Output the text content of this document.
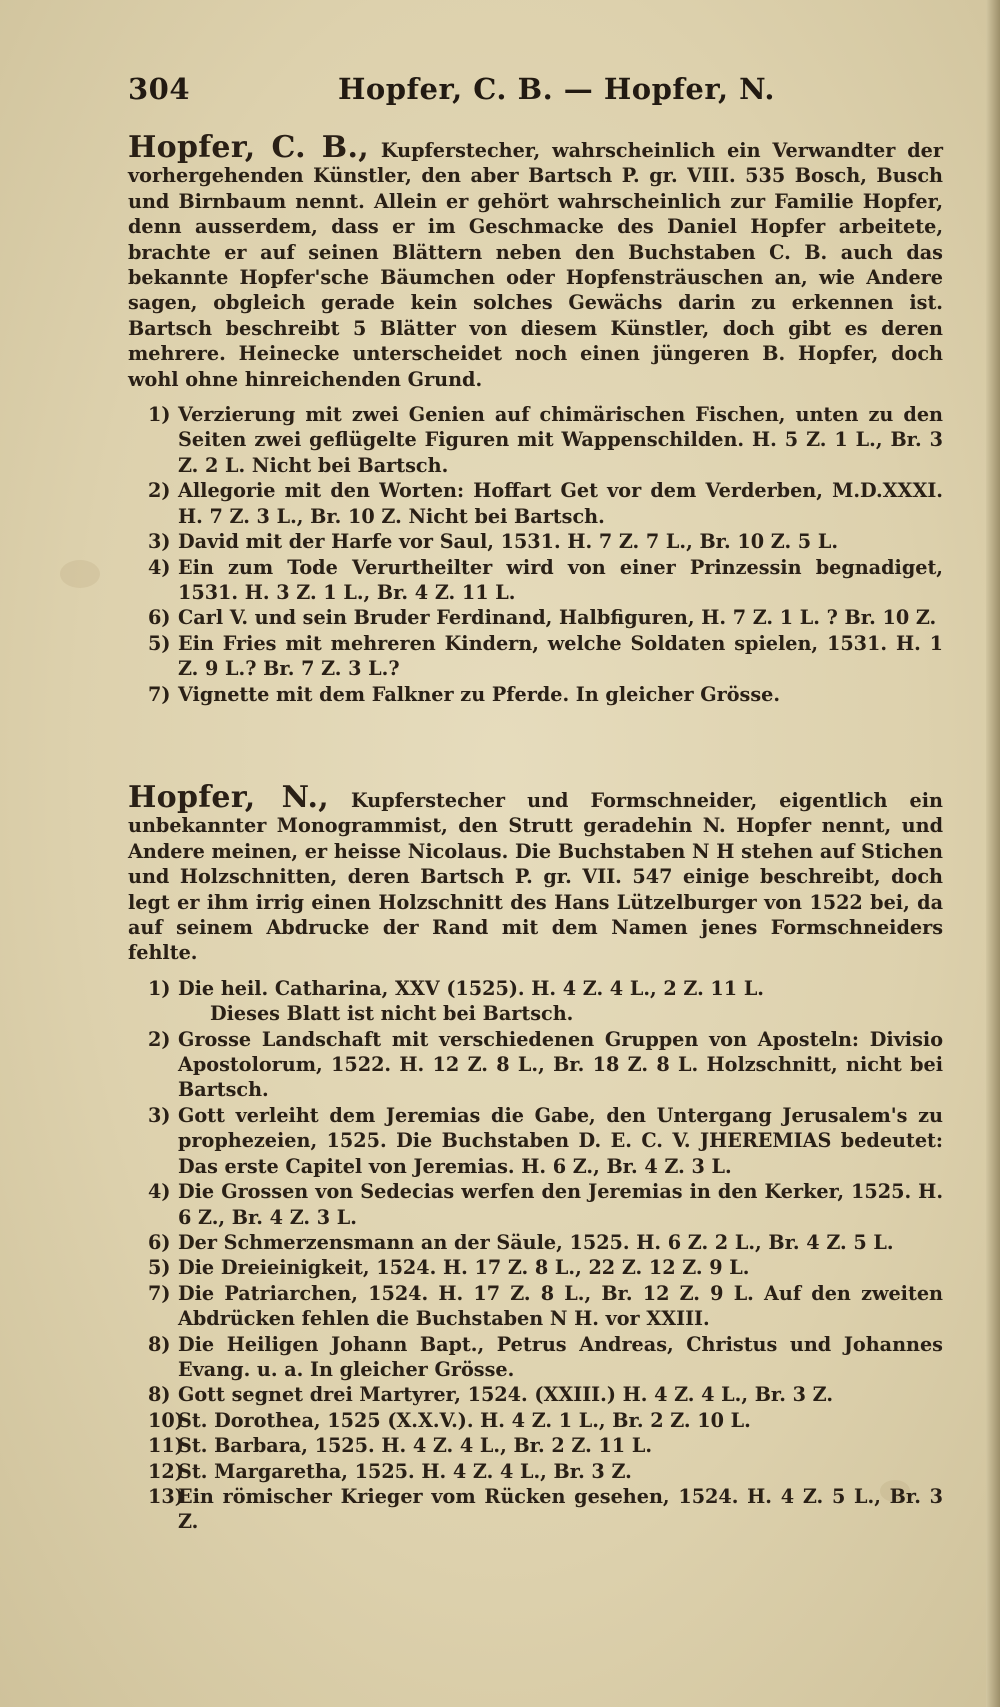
304	Hopfer, C. B. — Hopfer, N.

Hopfer, C. B., Kupferstecher, wahrscheinlich ein Verwandter der vorhergehenden Künstler, den aber Bartsch P. gr. VIII. 535 Bosch, Busch und Birnbaum nennt. Allein er gehört wahrscheinlich zur Familie Hopfer, denn ausserdem, dass er im Geschmacke des Daniel Hopfer arbeitete, brachte er auf seinen Blättern neben den Buchstaben C. B. auch das bekannte Hopfer'sche Bäumchen oder Hopfensträuschen an, wie Andere sagen, obgleich gerade kein solches Gewächs darin zu erkennen ist. Bartsch beschreibt 5 Blätter von diesem Künstler, doch gibt es deren mehrere. Heinecke unterscheidet noch einen jüngeren B. Hopfer, doch wohl ohne hinreichenden Grund.

1) Verzierung mit zwei Genien auf chimärischen Fischen, unten zu den Seiten zwei geflügelte Figuren mit Wappenschilden. H. 5 Z. 1 L., Br. 3 Z. 2 L. Nicht bei Bartsch.
2) Allegorie mit den Worten: Hoffart Get vor dem Verderben, M.D.XXXI. H. 7 Z. 3 L., Br. 10 Z. Nicht bei Bartsch.
3) David mit der Harfe vor Saul, 1531. H. 7 Z. 7 L., Br. 10 Z. 5 L.
4) Ein zum Tode Verurtheilter wird von einer Prinzessin begnadiget, 1531. H. 3 Z. 1 L., Br. 4 Z. 11 L.
6) Carl V. und sein Bruder Ferdinand, Halbfiguren, H. 7 Z. 1 L. ? Br. 10 Z.
5) Ein Fries mit mehreren Kindern, welche Soldaten spielen, 1531. H. 1 Z. 9 L.? Br. 7 Z. 3 L.?
7) Vignette mit dem Falkner zu Pferde. In gleicher Grösse.

Hopfer, N., Kupferstecher und Formschneider, eigentlich ein unbekannter Monogrammist, den Strutt geradehin N. Hopfer nennt, und Andere meinen, er heisse Nicolaus. Die Buchstaben N H stehen auf Stichen und Holzschnitten, deren Bartsch P. gr. VII. 547 einige beschreibt, doch legt er ihm irrig einen Holzschnitt des Hans Lützelburger von 1522 bei, da auf seinem Abdrucke der Rand mit dem Namen jenes Formschneiders fehlte.

1) Die heil. Catharina, XXV (1525). H. 4 Z. 4 L., 2 Z. 11 L.
Dieses Blatt ist nicht bei Bartsch.
2) Grosse Landschaft mit verschiedenen Gruppen von Aposteln: Divisio Apostolorum, 1522. H. 12 Z. 8 L., Br. 18 Z. 8 L. Holzschnitt, nicht bei Bartsch.
3) Gott verleiht dem Jeremias die Gabe, den Untergang Jerusalem's zu prophezeien, 1525. Die Buchstaben D. E. C. V. JHEREMIAS bedeutet: Das erste Capitel von Jeremias. H. 6 Z., Br. 4 Z. 3 L.
4) Die Grossen von Sedecias werfen den Jeremias in den Kerker, 1525. H. 6 Z., Br. 4 Z. 3 L.
6) Der Schmerzensmann an der Säule, 1525. H. 6 Z. 2 L., Br. 4 Z. 5 L.
5) Die Dreieinigkeit, 1524. H. 17 Z. 8 L., 22 Z. 12 Z. 9 L.
7) Die Patriarchen, 1524. H. 17 Z. 8 L., Br. 12 Z. 9 L. Auf den zweiten Abdrücken fehlen die Buchstaben N H. vor XXIII.
8) Die Heiligen Johann Bapt., Petrus Andreas, Christus und Johannes Evang. u. a. In gleicher Grösse.
8) Gott segnet drei Martyrer, 1524. (XXIII.) H. 4 Z. 4 L., Br. 3 Z.
10)
St. Dorothea, 1525 (X.X.V.). H. 4 Z. 1 L., Br. 2 Z. 10 L.
11)
St. Barbara, 1525. H. 4 Z. 4 L., Br. 2 Z. 11 L.
12)
St. Margaretha, 1525. H. 4 Z. 4 L., Br. 3 Z.
13)
Ein römischer Krieger vom Rücken gesehen, 1524. H. 4 Z. 5 L., Br. 3 Z.
